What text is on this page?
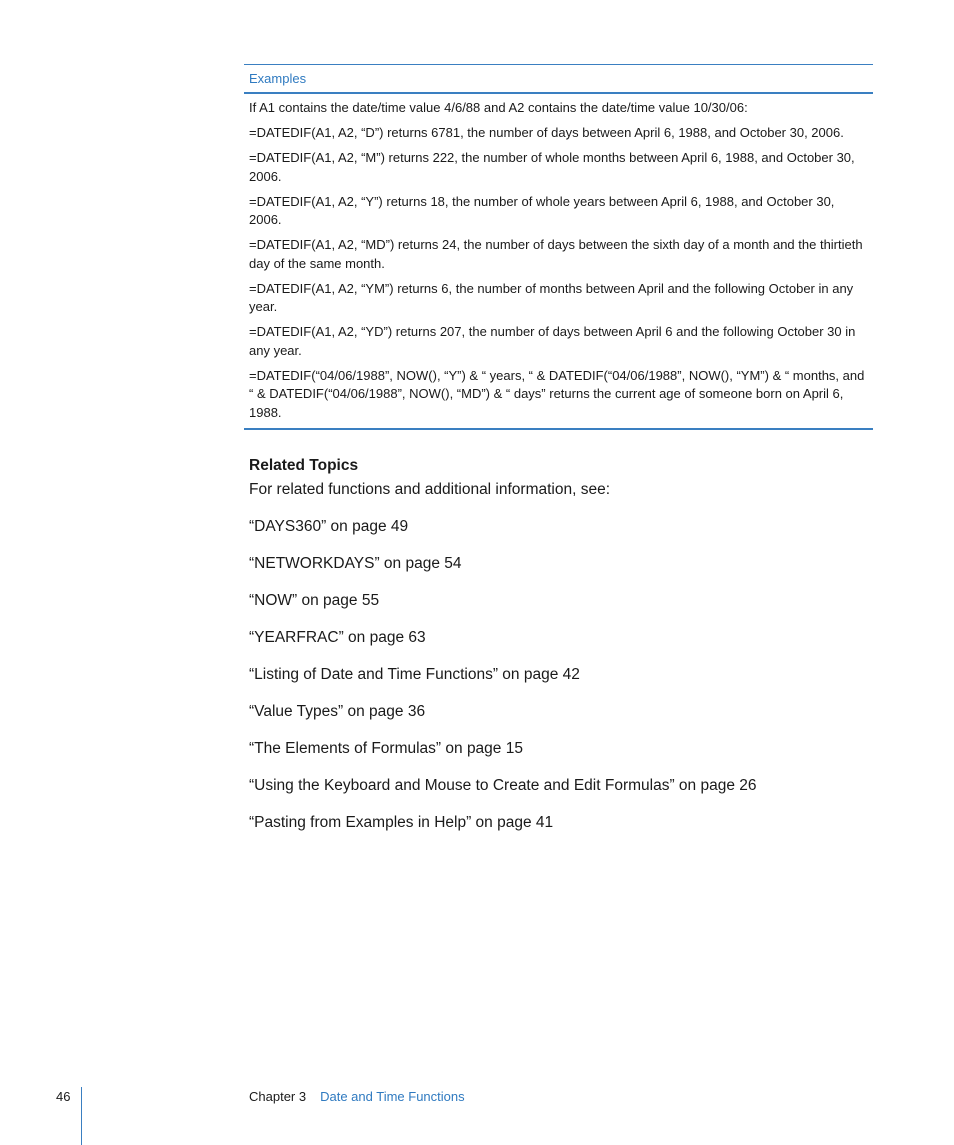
Examples

If A1 contains the date/time value 4/6/88 and A2 contains the date/time value 10/30/06:

=DATEDIF(A1, A2, “D”) returns 6781, the number of days between April 6, 1988, and October 30, 2006.

=DATEDIF(A1, A2, “M”) returns 222, the number of whole months between April 6, 1988, and October 30, 2006.

=DATEDIF(A1, A2, “Y”) returns 18, the number of whole years between April 6, 1988, and October 30, 2006.

=DATEDIF(A1, A2, “MD”) returns 24, the number of days between the sixth day of a month and the thirtieth day of the same month.

=DATEDIF(A1, A2, “YM”) returns 6, the number of months between April and the following October in any year.

=DATEDIF(A1, A2, “YD”) returns 207, the number of days between April 6 and the following October 30 in any year.

=DATEDIF(“04/06/1988”, NOW(), “Y”) & “ years, “ & DATEDIF(“04/06/1988”, NOW(), “YM”) & “ months, and “ & DATEDIF(“04/06/1988”, NOW(), “MD”) & “ days” returns the current age of someone born on April 6, 1988.

Related Topics

For related functions and additional information, see:

“DAYS360” on page 49
“NETWORKDAYS” on page 54
“NOW” on page 55
“YEARFRAC” on page 63
“Listing of Date and Time Functions” on page 42
“Value Types” on page 36
“The Elements of Formulas” on page 15
“Using the Keyboard and Mouse to Create and Edit Formulas” on page 26
“Pasting from Examples in Help” on page 41
46	Chapter 3 Date and Time Functions
